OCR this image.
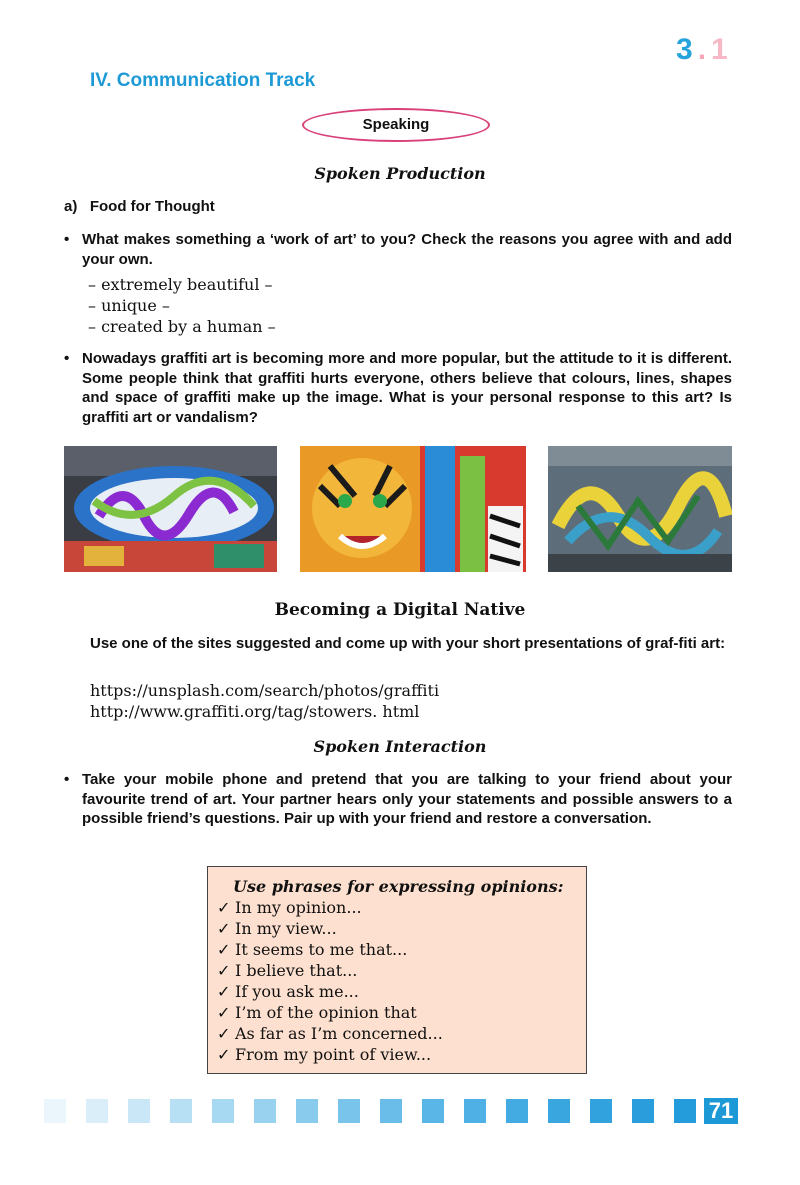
3 . 1
IV. Communication Track
Speaking
Spoken Production
a)   Food for Thought
• What makes something a ‘work of art’ to you? Check the reasons you agree with and add your own.
– extremely beautiful –
– unique –
– created by a human –
• Nowadays graffiti art is becoming more and more popular, but the attitude to it is different. Some people think that graffiti hurts everyone, others believe that colours, lines, shapes and space of graffiti make up the image. What is your personal response to this art? Is graffiti art or vandalism?
Becoming a Digital Native
Use one of the sites suggested and come up with your short presentations of graf-fiti art:
https://unsplash.com/search/photos/graffiti
http://www.graffiti.org/tag/stowers. html
Spoken Interaction
• Take your mobile phone and pretend that you are talking to your friend about your favourite trend of art. Your partner hears only your statements and possible answers to a possible friend’s questions. Pair up with your friend and restore a conversation.
Use phrases for expressing opinions:
✓ In my opinion...
✓ In my view...
✓ It seems to me that...
✓ I believe that...
✓ If you ask me...
✓ I’m of the opinion that
✓ As far as I’m concerned...
✓ From my point of view...
71
